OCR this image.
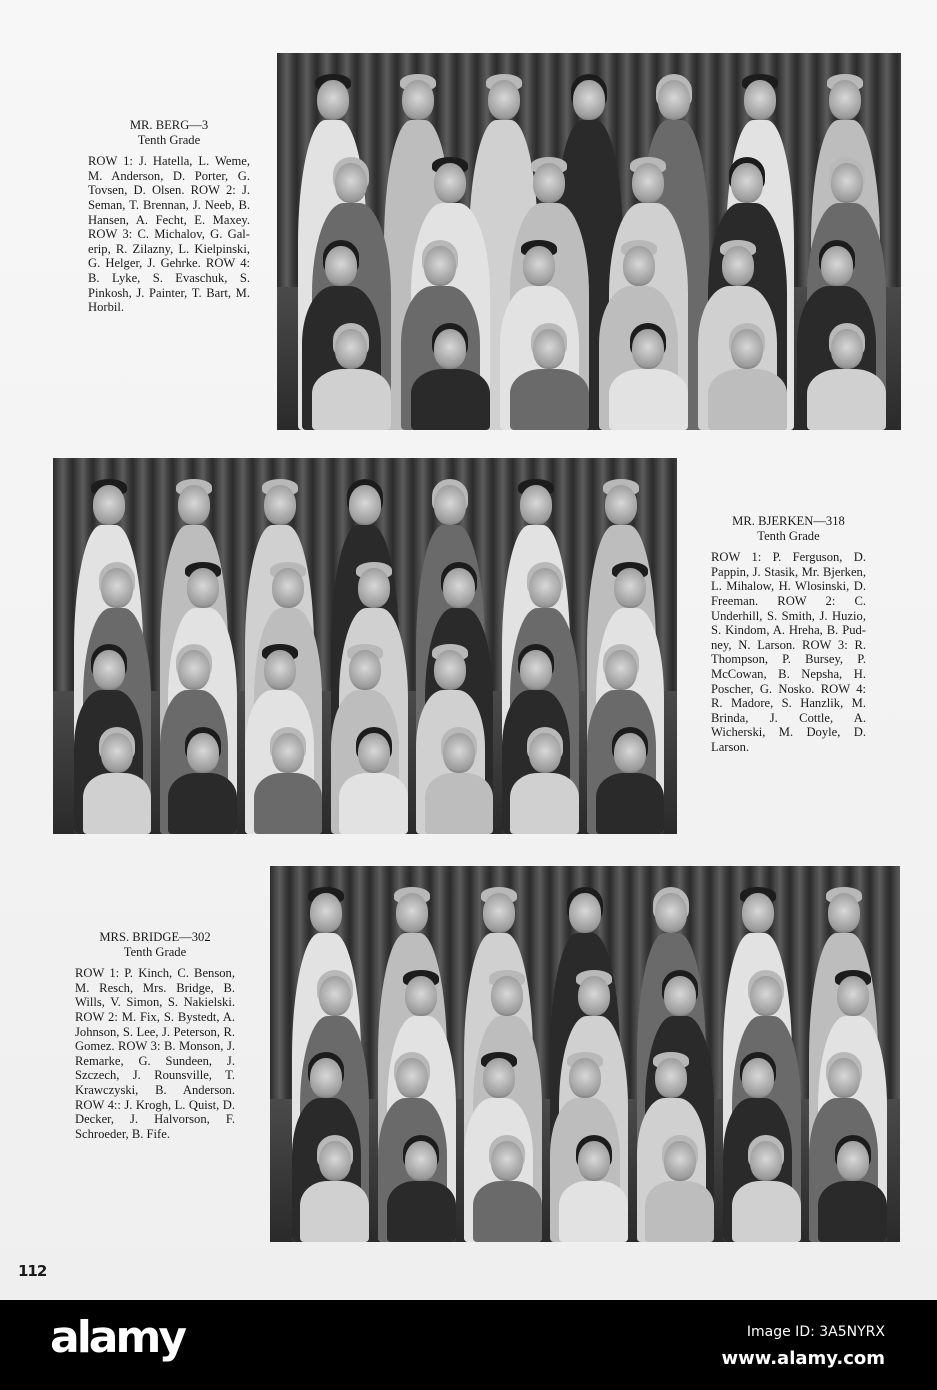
MR. BERG—3
Tenth Grade
ROW 1: J. Hatella, L. Weme, M. Anderson, D. Porter, G. Tovsen, D. Olsen. ROW 2: J. Seman, T. Brennan, J. Neeb, B. Hansen, A. Fecht, E. Maxey. ROW 3: C. Michalov, G. Galerip, R. Zilazny, L. Kielpinski, G. Helger, J. Gehrke. ROW 4: B. Lyke, S. Evaschuk, S. Pinkosh, J. Painter, T. Bart, M. Horbil.
MR. BJERKEN—318
Tenth Grade
ROW 1: P. Ferguson, D. Pappin, J. Stasik, Mr. Bjerken, L. Mihalow, H. Wlosinski, D. Freeman. ROW 2: C. Underhill, S. Smith, J. Huzio, S. Kindom, A. Hreha, B. Pudney, N. Larson. ROW 3: R. Thompson, P. Bursey, P. McCowan, B. Nepsha, H. Poscher, G. Nosko. ROW 4: R. Madore, S. Hanzlik, M. Brinda, J. Cottle, A. Wicherski, M. Doyle, D. Larson.
MRS. BRIDGE—302
Tenth Grade
ROW 1: P. Kinch, C. Benson, M. Resch, Mrs. Bridge, B. Wills, V. Simon, S. Nakielski. ROW 2: M. Fix, S. Bystedt, A. Johnson, S. Lee, J. Peterson, R. Gomez. ROW 3: B. Monson, J. Remarke, G. Sundeen, J. Szczech, J. Rounsville, T. Krawczyski, B. Anderson. ROW 4:: J. Krogh, L. Quist, D. Decker, J. Halvorson, F. Schroeder, B. Fife.
112
alamy	Image ID: 3A5NYRX
www.alamy.com
